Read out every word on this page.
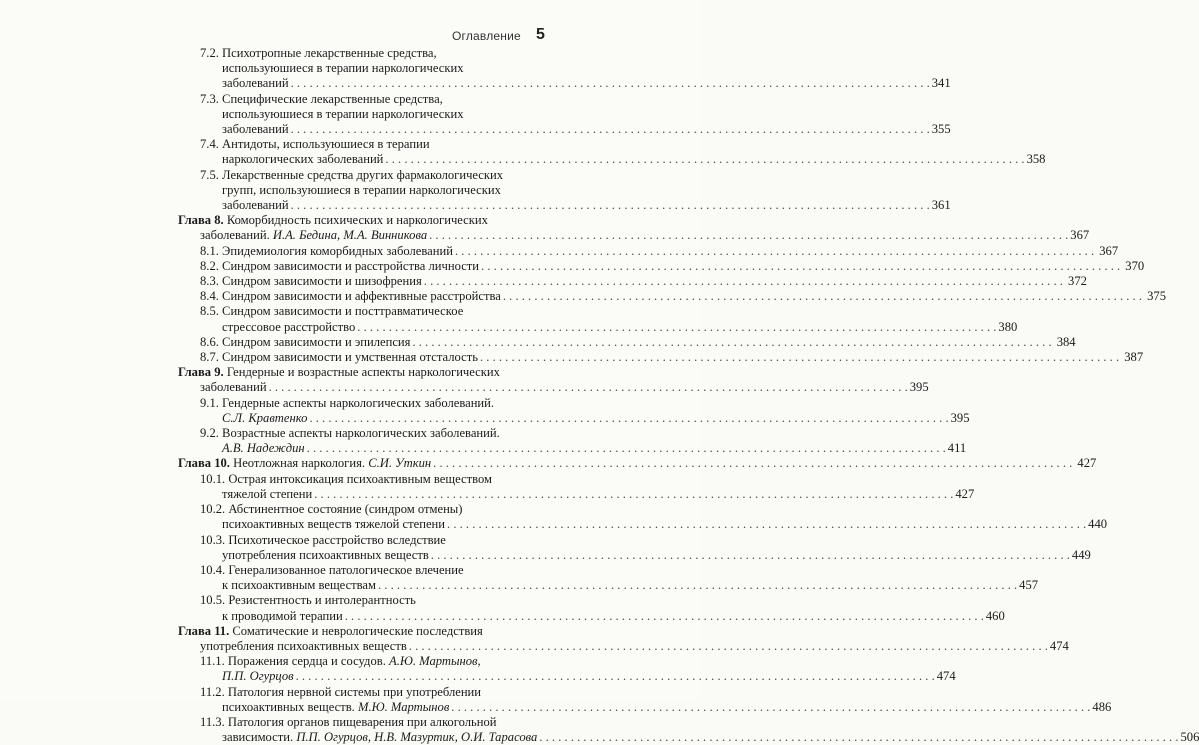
Оглавление 5
7.2. Психотропные лекарственные средства,
используюшиеся в терапии наркологических
заболеваний . . .	341
7.3. Специфические лекарственные средства,
используюшиеся в терапии наркологических
заболеваний . . .	355
7.4. Антидоты, используюшиеся в терапии
наркологических заболеваний . . .	358
7.5. Лекарственные средства других фармакологических
групп, используюшиеся в терапии наркологических
заболеваний . . .	361
Глава 8. Коморбидность психических и наркологических
заболеваний. И.А. Бедина, М.А. Винникова . . .	367
8.1. Эпидемиология коморбидных заболеваний . . .	367
8.2. Синдром зависимости и расстройства личности . . .	370
8.3. Синдром зависимости и шизофрения . . .	372
8.4. Синдром зависимости и аффективные расстройства . . .	375
8.5. Синдром зависимости и посттравматическое
стрессовое расстройство . . .	380
8.6. Синдром зависимости и эпилепсия . . .	384
8.7. Синдром зависимости и умственная отсталость . . .	387
Глава 9. Гендерные и возрастные аспекты наркологических
заболеваний . . .	395
9.1. Гендерные аспекты наркологических заболеваний.
С.Л. Кравтенко . . .	395
9.2. Возрастные аспекты наркологических заболеваний.
А.В. Надеждин . . .	411
Глава 10. Неотложная наркология. С.И. Уткин . . .	427
10.1. Острая интоксикация психоактивным веществом
тяжелой степени . . .	427
10.2. Абстинентное состояние (синдром отмены)
психоактивных веществ тяжелой степени . . .	440
10.3. Психотическое расстройство вследствие
употребления психоактивных веществ . . .	449
10.4. Генерализованное патологическое влечение
к психоактивным веществам . . .	457
10.5. Резистентность и интолерантность
к проводимой терапии . . .	460
Глава 11. Соматические и неврологические последствия
употребления психоактивных веществ . . .	474
11.1. Поражения сердца и сосудов. А.Ю. Мартынов,
П.П. Огурцов . . .	474
11.2. Патология нервной системы при употреблении
психоактивных веществ. М.Ю. Мартынов . . .	486
11.3. Патология органов пищеварения при алкогольной
зависимости. П.П. Огурцов, Н.В. Мазуртик, О.И. Тарасова . . .	506
